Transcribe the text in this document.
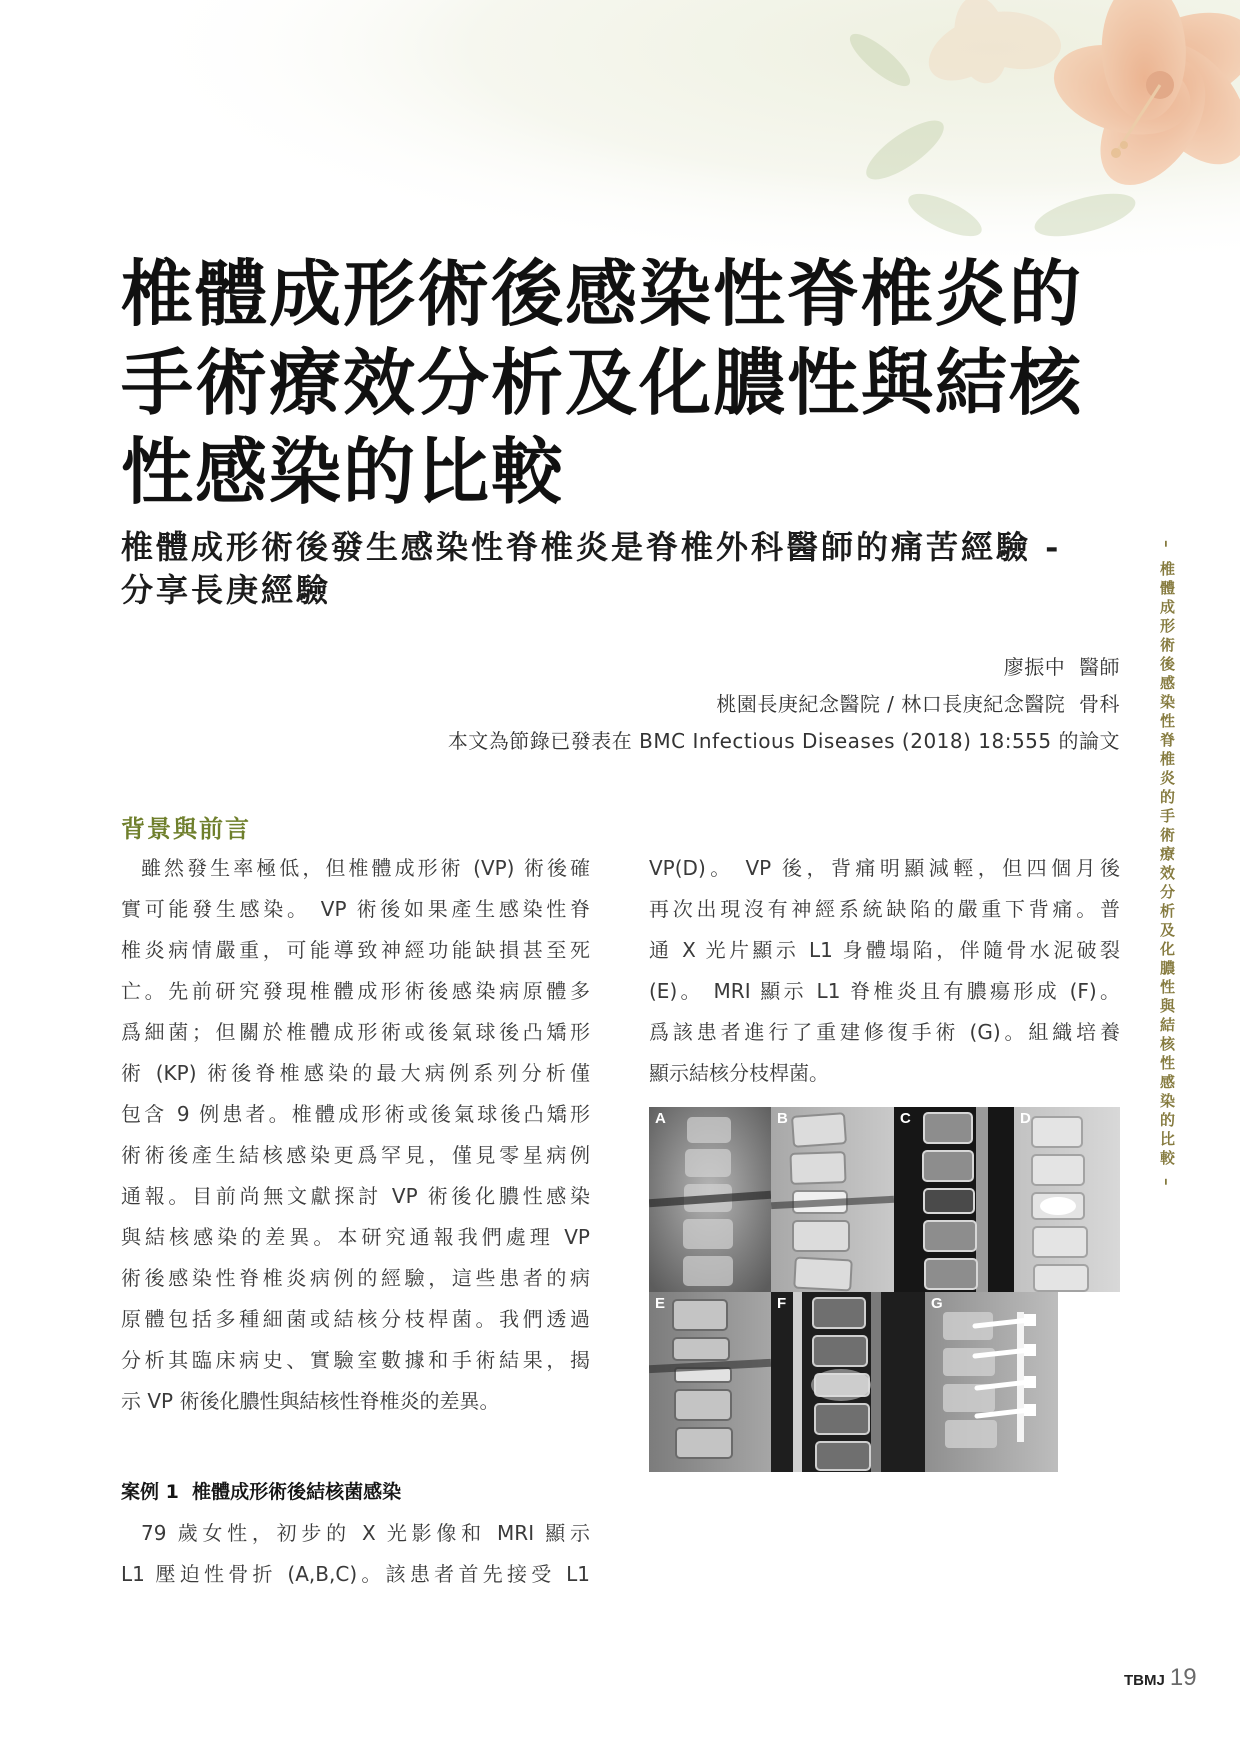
椎體成形術後感染性脊椎炎的
手術療效分析及化膿性與結核
性感染的比較
椎體成形術後發生感染性脊椎炎是脊椎外科醫師的痛苦經驗 -
分享長庚經驗
廖振中  醫師
桃園長庚紀念醫院 / 林口長庚紀念醫院  骨科
本文為節錄已發表在 BMC Infectious Diseases (2018) 18:555 的論文	– 椎體成形術後感染性脊椎炎的手術療效分析及化膿性與結核性感染的比較 –
背景與前言
雖然發生率極低，但椎體成形術 (VP) 術後確
實可能發生感染。 VP 術後如果產生感染性脊
椎炎病情嚴重，可能導致神經功能缺損甚至死
亡。先前研究發現椎體成形術後感染病原體多
爲細菌；但關於椎體成形術或後氣球後凸矯形
術 (KP) 術後脊椎感染的最大病例系列分析僅
包含 9 例患者。椎體成形術或後氣球後凸矯形
術術後產生結核感染更爲罕見，僅見零星病例
通報。目前尚無文獻探討 VP 術後化膿性感染
與結核感染的差異。本研究通報我們處理 VP
術後感染性脊椎炎病例的經驗，這些患者的病
原體包括多種細菌或結核分枝桿菌。我們透過
分析其臨床病史、實驗室數據和手術結果，揭
示 VP 術後化膿性與結核性脊椎炎的差異。
案例 1  椎體成形術後結核菌感染
79 歲女性，初步的 X 光影像和 MRI 顯示
L1 壓迫性骨折 (A,B,C)。該患者首先接受 L1
VP(D)。 VP 後，背痛明顯減輕，但四個月後
再次出現沒有神經系統缺陷的嚴重下背痛。普
通 X 光片顯示 L1 身體塌陷，伴隨骨水泥破裂
(E)。 MRI 顯示 L1 脊椎炎且有膿瘍形成 (F)。
爲該患者進行了重建修復手術 (G)。組織培養
顯示結核分枝桿菌。
A	B	C	D
E	F	G
TBMJ 19
